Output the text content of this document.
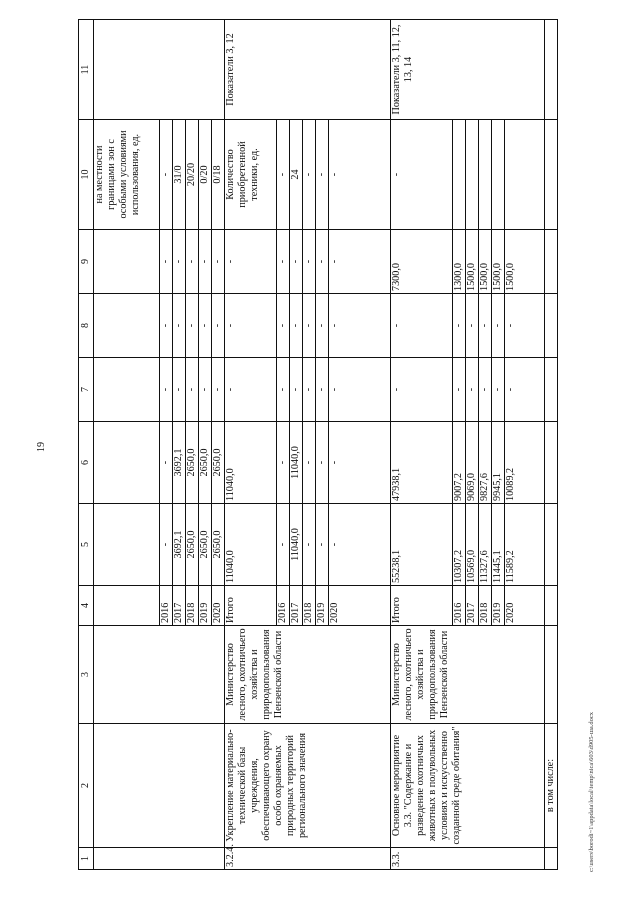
19
1	2	3	4	5	6	7	8	9	10	11
									на местности границами зон с особыми условиями использования, ед.	
			2016	-	-	-	-	-	-	
			2017	3692,1	3692,1	-	-	-	31/0	
			2018	2650,0	2650,0	-	-	-	20/20	
			2019	2650,0	2650,0	-	-	-	0/20	
			2020	2650,0	2650,0	-	-	-	0/18	
3.2.4.	Укрепление материально-технической базы учреждения, обеспечивающего охрану особо охраняемых природных территорий регионального значения	Министерство лесного, охотничьего хозяйства и природопользования Пензенской области	Итого	11040,0	11040,0	-	-	-	Количество приобретенной техники, ед.	Показатели 3, 12
			2016	-	-	-	-	-	-	
			2017	11040,0	11040,0	-	-	-	24	
			2018	-	-	-	-	-	-	
			2019	-	-	-	-	-	-	
			2020	-	-	-	-	-	-	
3.3.	Основное мероприятие 3.3. "Содержание и разведение охотничьих животных в полувольных условиях и искусственно созданной среде обитания"	Министерство лесного, охотничьего хозяйства и природопользования Пензенской области	Итого	55238,1	47938,1	-	-	7300,0	-	Показатели 3, 11, 12, 13, 14
			2016	10307,2	9007,2	-	-	1300,0		
			2017	10569,0	9069,0	-	-	1500,0		
			2018	11327,6	9827,6	-	-	1500,0		
			2019	11445,1	9945,1	-	-	1500,0		
			2020	11589,2	10089,2	-	-	1500,0		
	в том числе:										c:\users\borodi~1\appdata\local\temp\nica\603\d905-ша.docx
